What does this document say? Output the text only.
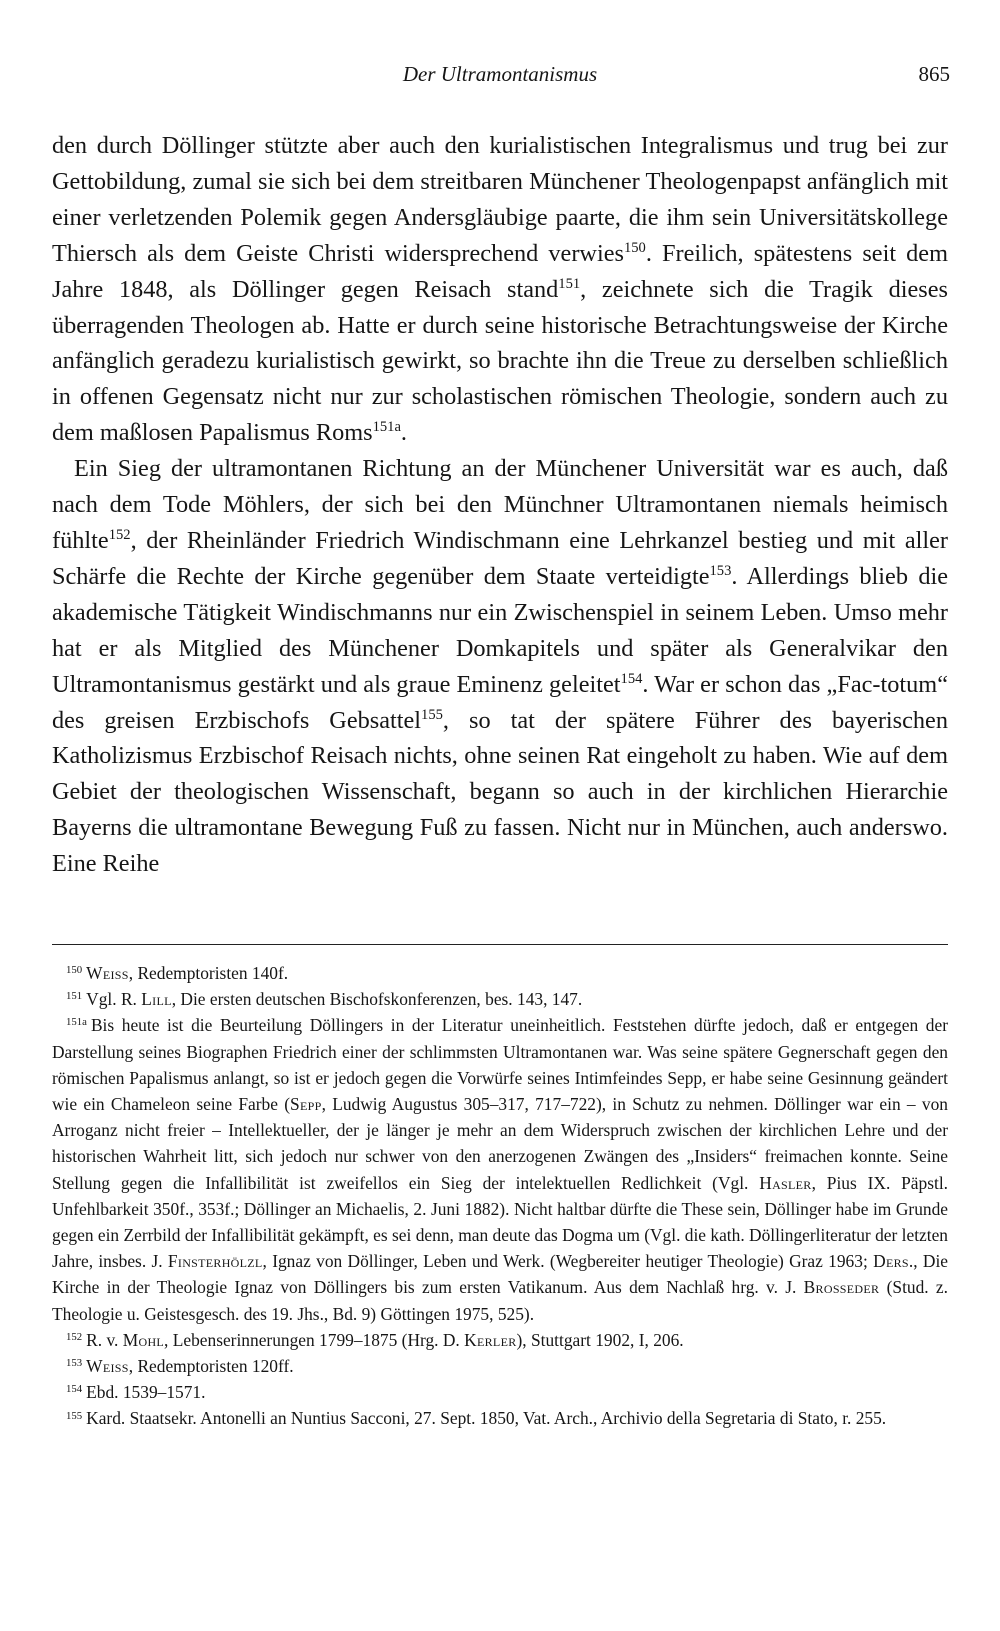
Der Ultramontanismus	865

den durch Döllinger stützte aber auch den kurialistischen Integralismus und trug bei zur Gettobildung, zumal sie sich bei dem streitbaren Münchener Theologenpapst anfänglich mit einer verletzenden Polemik gegen Andersgläubige paarte, die ihm sein Universitätskollege Thiersch als dem Geiste Christi widersprechend verwies$^{150}$. Freilich, spätestens seit dem Jahre 1848, als Döllinger gegen Reisach stand$^{151}$, zeichnete sich die Tragik dieses überragenden Theologen ab. Hatte er durch seine historische Betrachtungsweise der Kirche anfänglich geradezu kurialistisch gewirkt, so brachte ihn die Treue zu derselben schließlich in offenen Gegensatz nicht nur zur scholastischen römischen Theologie, sondern auch zu dem maßlosen Papalismus Roms$^{151a}$.

Ein Sieg der ultramontanen Richtung an der Münchener Universität war es auch, daß nach dem Tode Möhlers, der sich bei den Münchner Ultramontanen niemals heimisch fühlte$^{152}$, der Rheinländer Friedrich Windischmann eine Lehrkanzel bestieg und mit aller Schärfe die Rechte der Kirche gegenüber dem Staate verteidigte$^{153}$. Allerdings blieb die akademische Tätigkeit Windischmanns nur ein Zwischenspiel in seinem Leben. Umso mehr hat er als Mitglied des Münchener Domkapitels und später als Generalvikar den Ultramontanismus gestärkt und als graue Eminenz geleitet$^{154}$. War er schon das „Fac-totum“ des greisen Erzbischofs Gebsattel$^{155}$, so tat der spätere Führer des bayerischen Katholizismus Erzbischof Reisach nichts, ohne seinen Rat eingeholt zu haben. Wie auf dem Gebiet der theologischen Wissenschaft, begann so auch in der kirchlichen Hierarchie Bayerns die ultramontane Bewegung Fuß zu fassen. Nicht nur in München, auch anderswo. Eine Reihe

$^{150}$ Weiss, Redemptoristen 140f.

$^{151}$ Vgl. R. Lill, Die ersten deutschen Bischofskonferenzen, bes. 143, 147.

$^{151a}$ Bis heute ist die Beurteilung Döllingers in der Literatur uneinheitlich. Feststehen dürfte jedoch, daß er entgegen der Darstellung seines Biographen Friedrich einer der schlimmsten Ultramontanen war. Was seine spätere Gegnerschaft gegen den römischen Papalismus anlangt, so ist er jedoch gegen die Vorwürfe seines Intimfeindes Sepp, er habe seine Gesinnung geändert wie ein Chameleon seine Farbe (Sepp, Ludwig Augustus 305–317, 717–722), in Schutz zu nehmen. Döllinger war ein – von Arroganz nicht freier – Intellektueller, der je länger je mehr an dem Widerspruch zwischen der kirchlichen Lehre und der historischen Wahrheit litt, sich jedoch nur schwer von den anerzogenen Zwängen des „Insiders“ freimachen konnte. Seine Stellung gegen die Infallibilität ist zweifellos ein Sieg der intelektuellen Redlichkeit (Vgl. Hasler, Pius IX. Päpstl. Unfehlbarkeit 350f., 353f.; Döllinger an Michaelis, 2. Juni 1882). Nicht haltbar dürfte die These sein, Döllinger habe im Grunde gegen ein Zerrbild der Infallibilität gekämpft, es sei denn, man deute das Dogma um (Vgl. die kath. Döllingerliteratur der letzten Jahre, insbes. J. Finsterhölzl, Ignaz von Döllinger, Leben und Werk. (Wegbereiter heutiger Theologie) Graz 1963; Ders., Die Kirche in der Theologie Ignaz von Döllingers bis zum ersten Vatikanum. Aus dem Nachlaß hrg. v. J. Brosseder (Stud. z. Theologie u. Geistesgesch. des 19. Jhs., Bd. 9) Göttingen 1975, 525).

$^{152}$ R. v. Mohl, Lebenserinnerungen 1799–1875 (Hrg. D. Kerler), Stuttgart 1902, I, 206.

$^{153}$ Weiss, Redemptoristen 120ff.

$^{154}$ Ebd. 1539–1571.

$^{155}$ Kard. Staatsekr. Antonelli an Nuntius Sacconi, 27. Sept. 1850, Vat. Arch., Archivio della Segretaria di Stato, r. 255.
